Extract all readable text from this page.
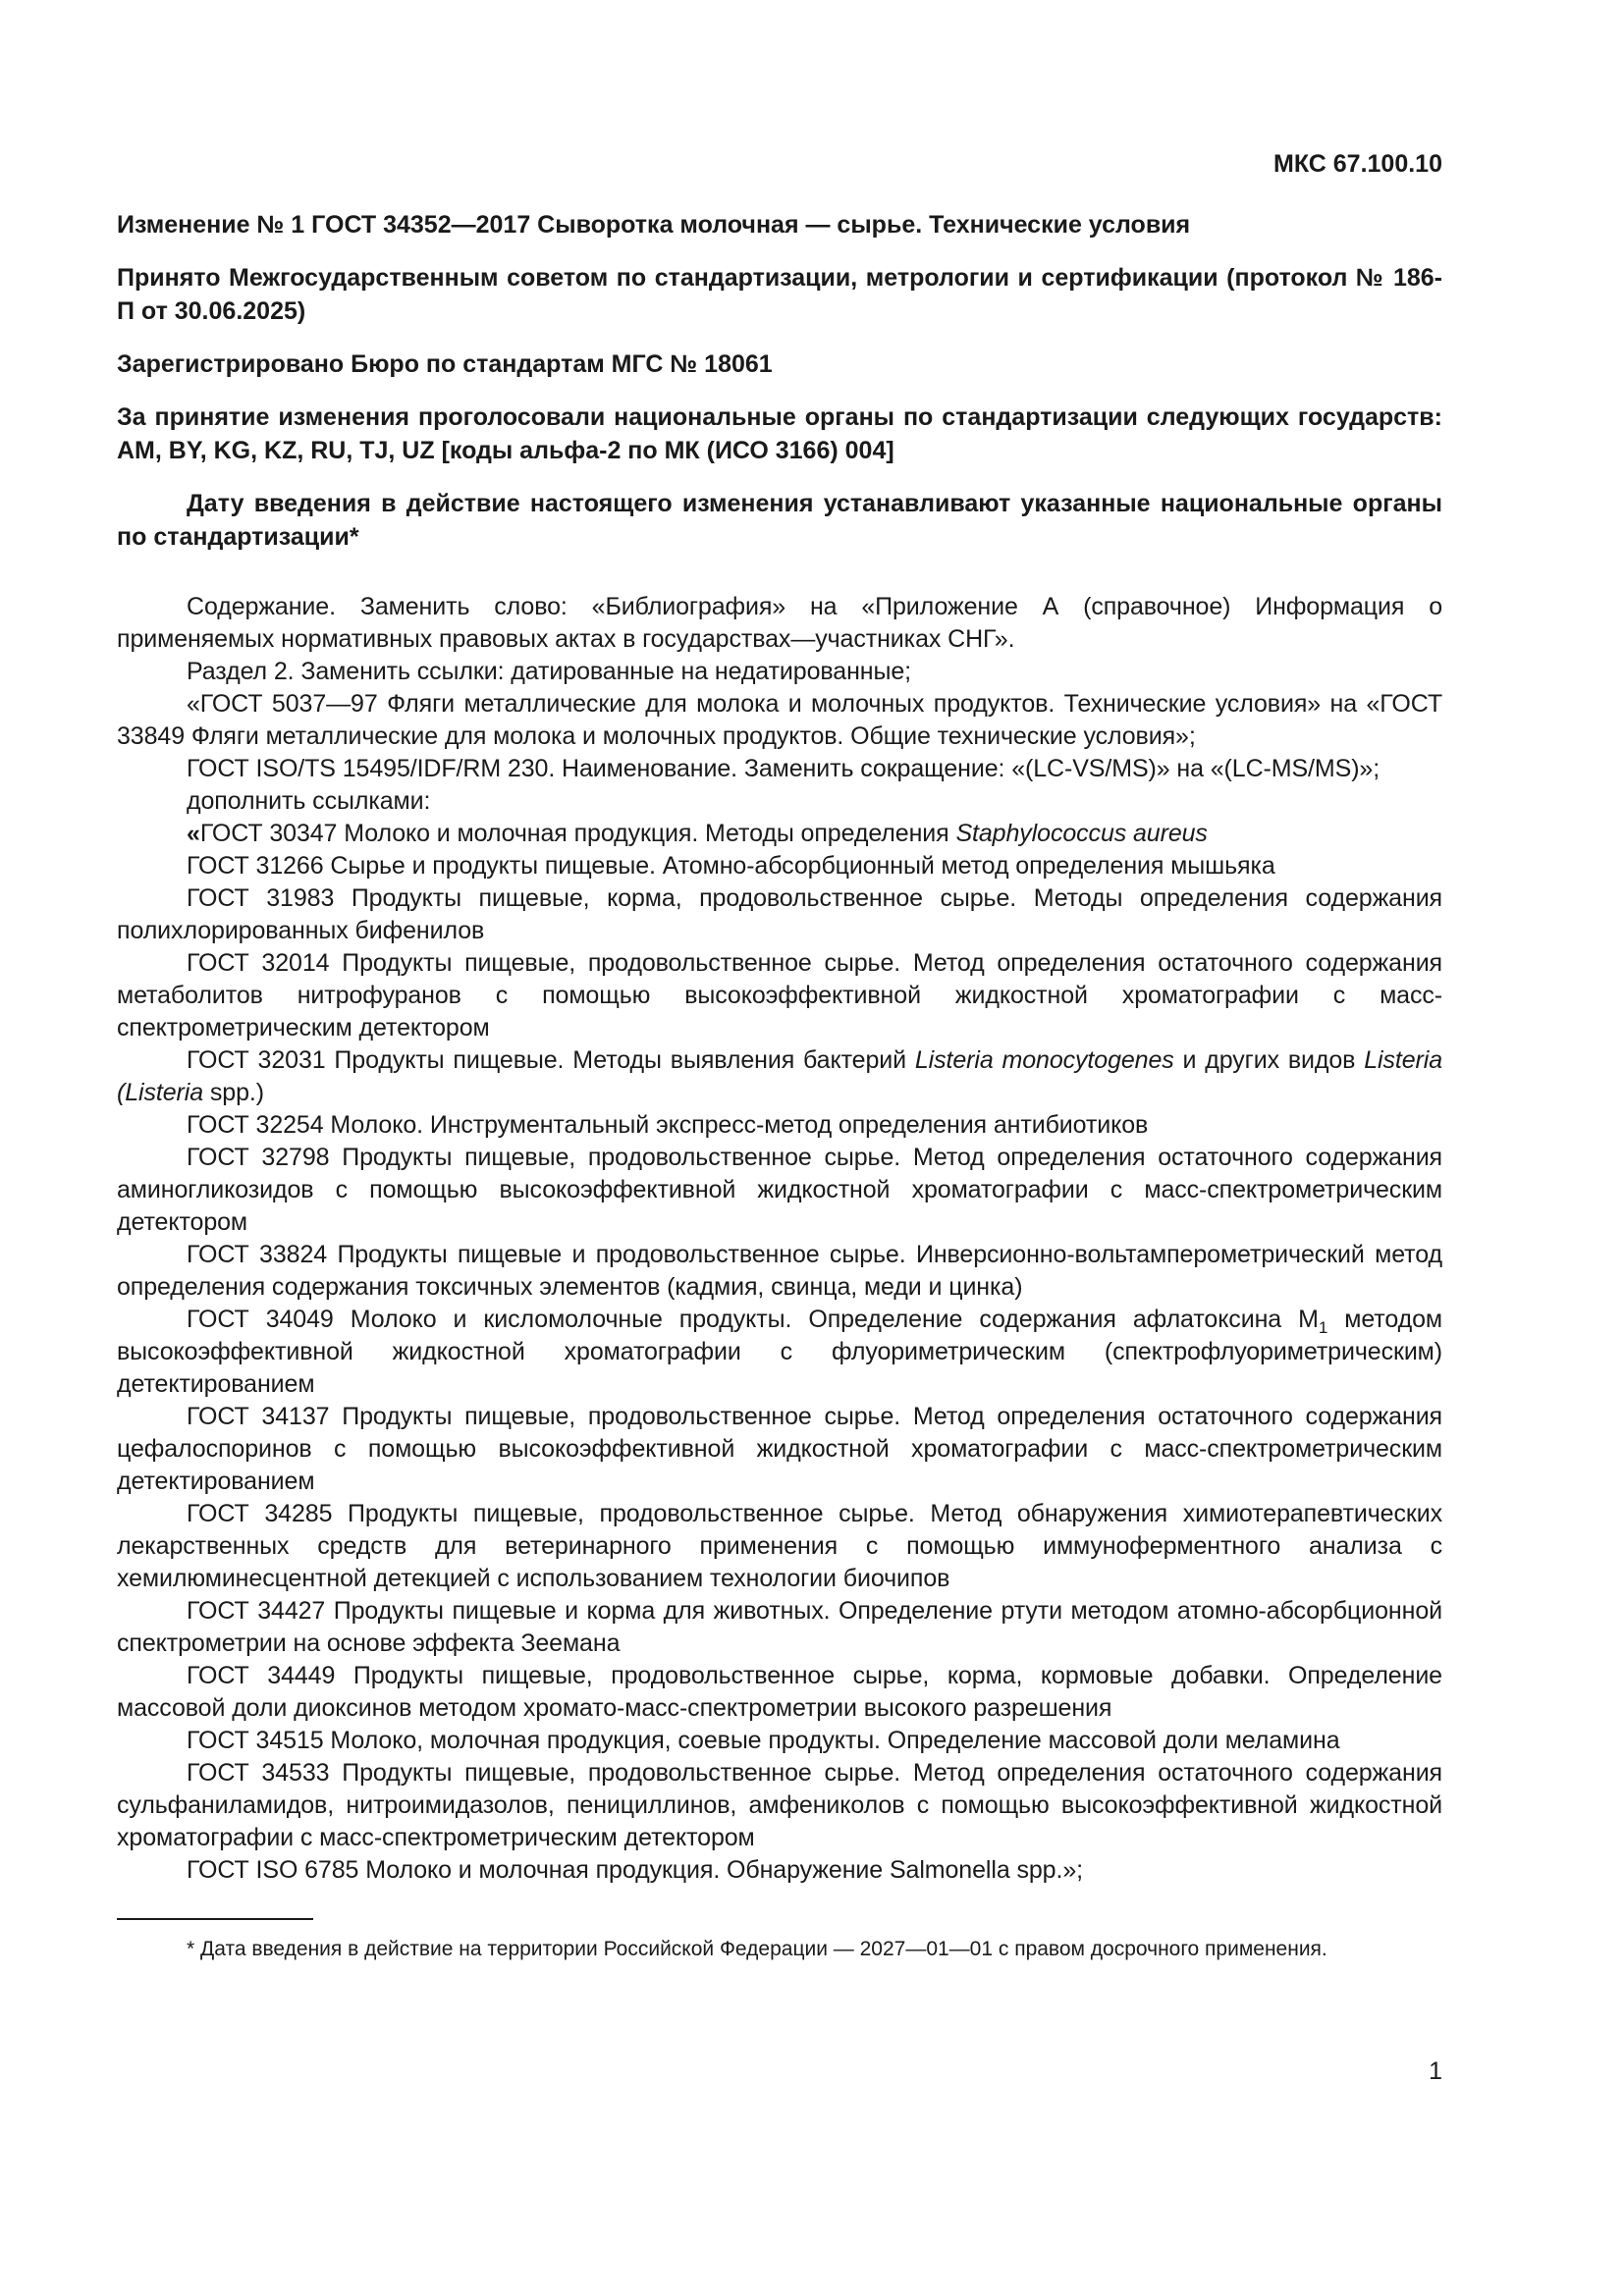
МКС 67.100.10
Изменение № 1 ГОСТ 34352—2017 Сыворотка молочная — сырье. Технические условия
Принято Межгосударственным советом по стандартизации, метрологии и сертификации (протокол № 186-П от 30.06.2025)
Зарегистрировано Бюро по стандартам МГС № 18061
За принятие изменения проголосовали национальные органы по стандартизации следующих государств: AM, BY, KG, KZ, RU, TJ, UZ [коды альфа-2 по МК (ИСО 3166) 004]
Дату введения в действие настоящего изменения устанавливают указанные национальные органы по стандартизации*

Содержание. Заменить слово: «Библиография» на «Приложение А (справочное) Информация о применяемых нормативных правовых актах в государствах—участниках СНГ».

Раздел 2. Заменить ссылки: датированные на недатированные;

«ГОСТ 5037—97 Фляги металлические для молока и молочных продуктов. Технические условия» на «ГОСТ 33849 Фляги металлические для молока и молочных продуктов. Общие технические условия»;

ГОСТ ISO/TS 15495/IDF/RM 230. Наименование. Заменить сокращение: «(LC-VS/MS)» на «(LC-MS/MS)»;

дополнить ссылками:

«ГОСТ 30347 Молоко и молочная продукция. Методы определения Staphylococcus aureus

ГОСТ 31266 Сырье и продукты пищевые. Атомно-абсорбционный метод определения мышьяка

ГОСТ 31983 Продукты пищевые, корма, продовольственное сырье. Методы определения содержания полихлорированных бифенилов

ГОСТ 32014 Продукты пищевые, продовольственное сырье. Метод определения остаточного содержания метаболитов нитрофуранов с помощью высокоэффективной жидкостной хроматографии с масс-спектрометрическим детектором

ГОСТ 32031 Продукты пищевые. Методы выявления бактерий Listeria monocytogenes и других видов Listeria (Listeria spp.)

ГОСТ 32254 Молоко. Инструментальный экспресс-метод определения антибиотиков

ГОСТ 32798 Продукты пищевые, продовольственное сырье. Метод определения остаточного содержания аминогликозидов с помощью высокоэффективной жидкостной хроматографии с масс-спектрометрическим детектором

ГОСТ 33824 Продукты пищевые и продовольственное сырье. Инверсионно-вольтамперометрический метод определения содержания токсичных элементов (кадмия, свинца, меди и цинка)

ГОСТ 34049 Молоко и кисломолочные продукты. Определение содержания афлатоксина $М_1$ методом высокоэффективной жидкостной хроматографии с флуориметрическим (спектрофлуориметрическим) детектированием

ГОСТ 34137 Продукты пищевые, продовольственное сырье. Метод определения остаточного содержания цефалоспоринов с помощью высокоэффективной жидкостной хроматографии с масс-спектрометрическим детектированием

ГОСТ 34285 Продукты пищевые, продовольственное сырье. Метод обнаружения химиотерапевтических лекарственных средств для ветеринарного применения с помощью иммуноферментного анализа с хемилюминесцентной детекцией с использованием технологии биочипов

ГОСТ 34427 Продукты пищевые и корма для животных. Определение ртути методом атомно-абсорбционной спектрометрии на основе эффекта Зеемана

ГОСТ 34449 Продукты пищевые, продовольственное сырье, корма, кормовые добавки. Определение массовой доли диоксинов методом хромато-масс-спектрометрии высокого разрешения

ГОСТ 34515 Молоко, молочная продукция, соевые продукты. Определение массовой доли меламина

ГОСТ 34533 Продукты пищевые, продовольственное сырье. Метод определения остаточного содержания сульфаниламидов, нитроимидазолов, пенициллинов, амфениколов с помощью высокоэффективной жидкостной хроматографии с масс-спектрометрическим детектором

ГОСТ ISO 6785 Молоко и молочная продукция. Обнаружение Salmonella spp.»;

* Дата введения в действие на территории Российской Федерации — 2027—01—01 с правом досрочного применения.

1
